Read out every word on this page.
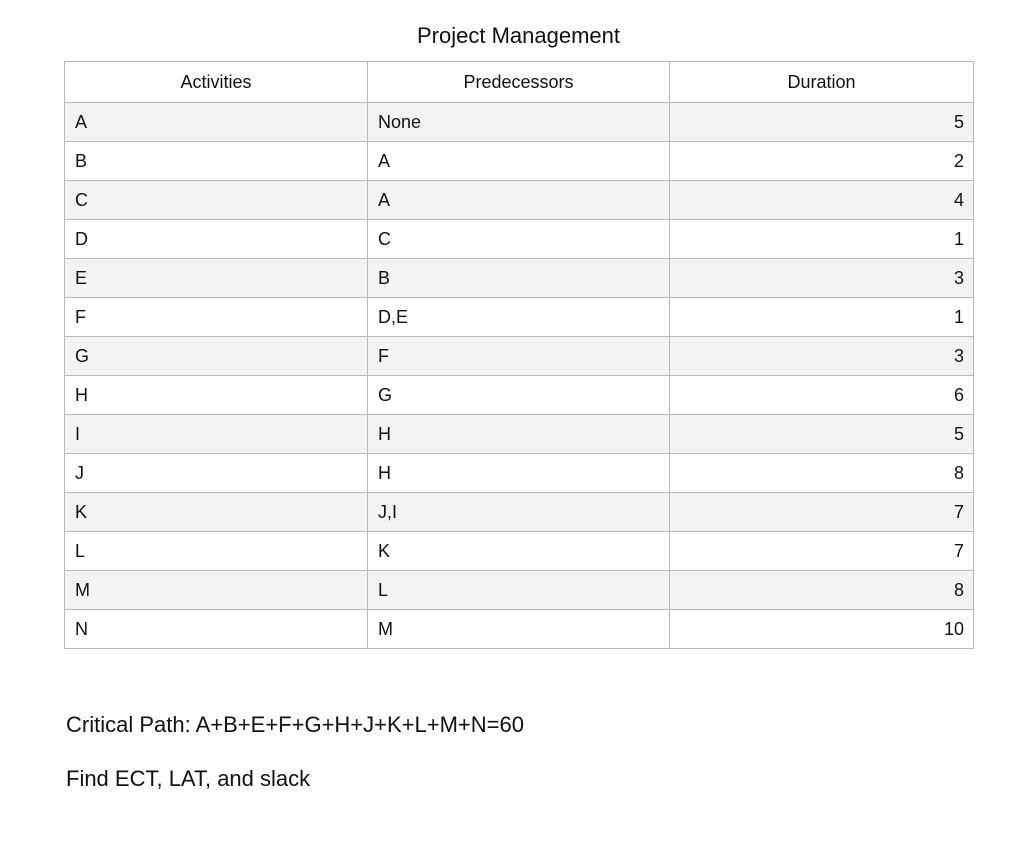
Project Management
Activities	Predecessors	Duration
A	None	5
B	A	2
C	A	4
D	C	1
E	B	3
F	D,E	1
G	F	3
H	G	6
I	H	5
J	H	8
K	J,I	7
L	K	7
M	L	8
N	M	10
Critical Path: A+B+E+F+G+H+J+K+L+M+N=60
Find ECT, LAT, and slack
